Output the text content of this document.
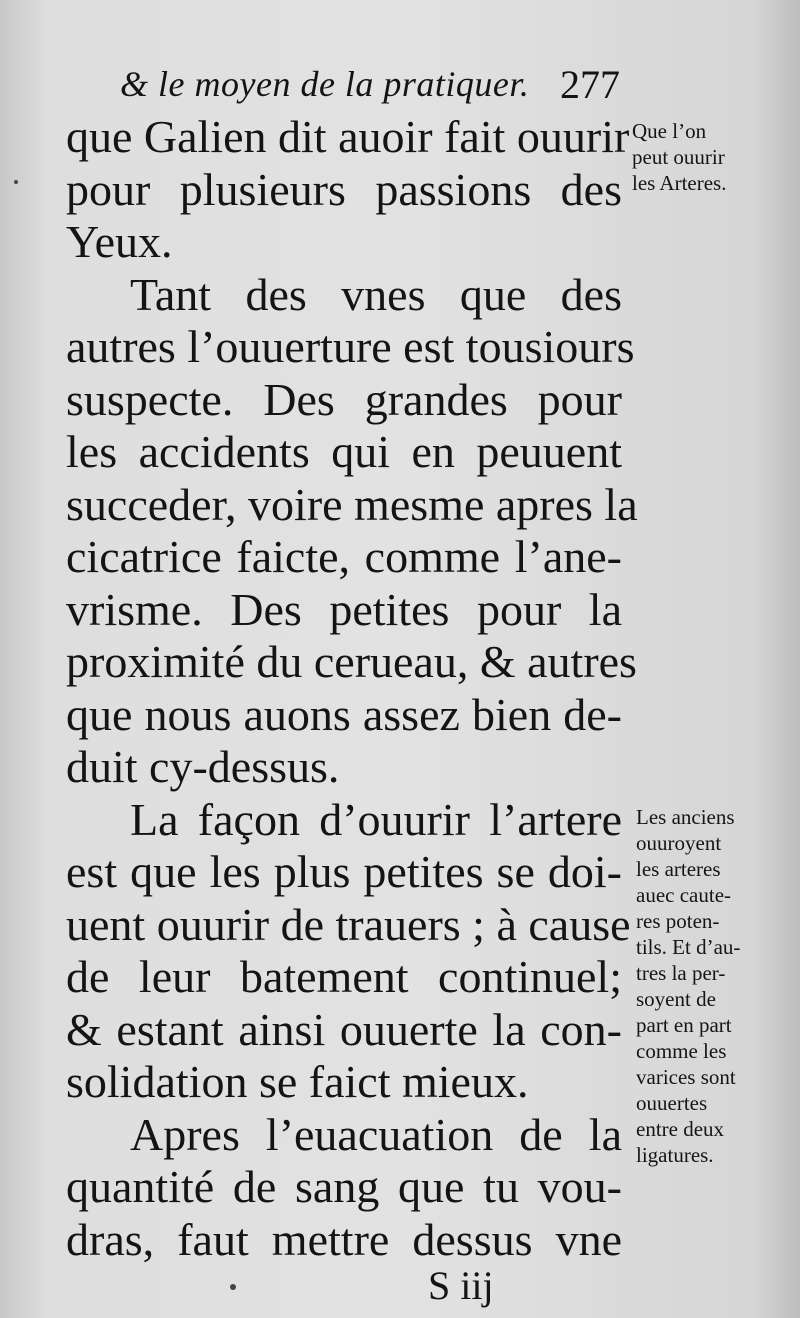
& le moyen de la pratiquer. 277
que Galien dit auoir fait ouurir
pour plusieurs passions des
Yeux.
Tant des vnes que des
autres l’ouuerture est tousiours
suspecte. Des grandes pour
les accidents qui en peuuent
succeder, voire mesme apres la
cicatrice faicte, comme l’ane-
vrisme. Des petites pour la
proximité du cerueau, & autres
que nous auons assez bien de-
duit cy-dessus.
La façon d’ouurir l’artere
est que les plus petites se doi-
uent ouurir de trauers ; à cause
de leur batement continuel;
& estant ainsi ouuerte la con-
solidation se faict mieux.
Apres l’euacuation de la
quantité de sang que tu vou-
dras, faut mettre dessus vne
Que l’on
peut ouurir
les Arteres.
Les anciens
ouuroyent
les arteres
auec caute-
res poten-
tils. Et d’au-
tres la per-
soyent de
part en part
comme les
varices sont
ouuertes
entre deux
ligatures.
S iij
